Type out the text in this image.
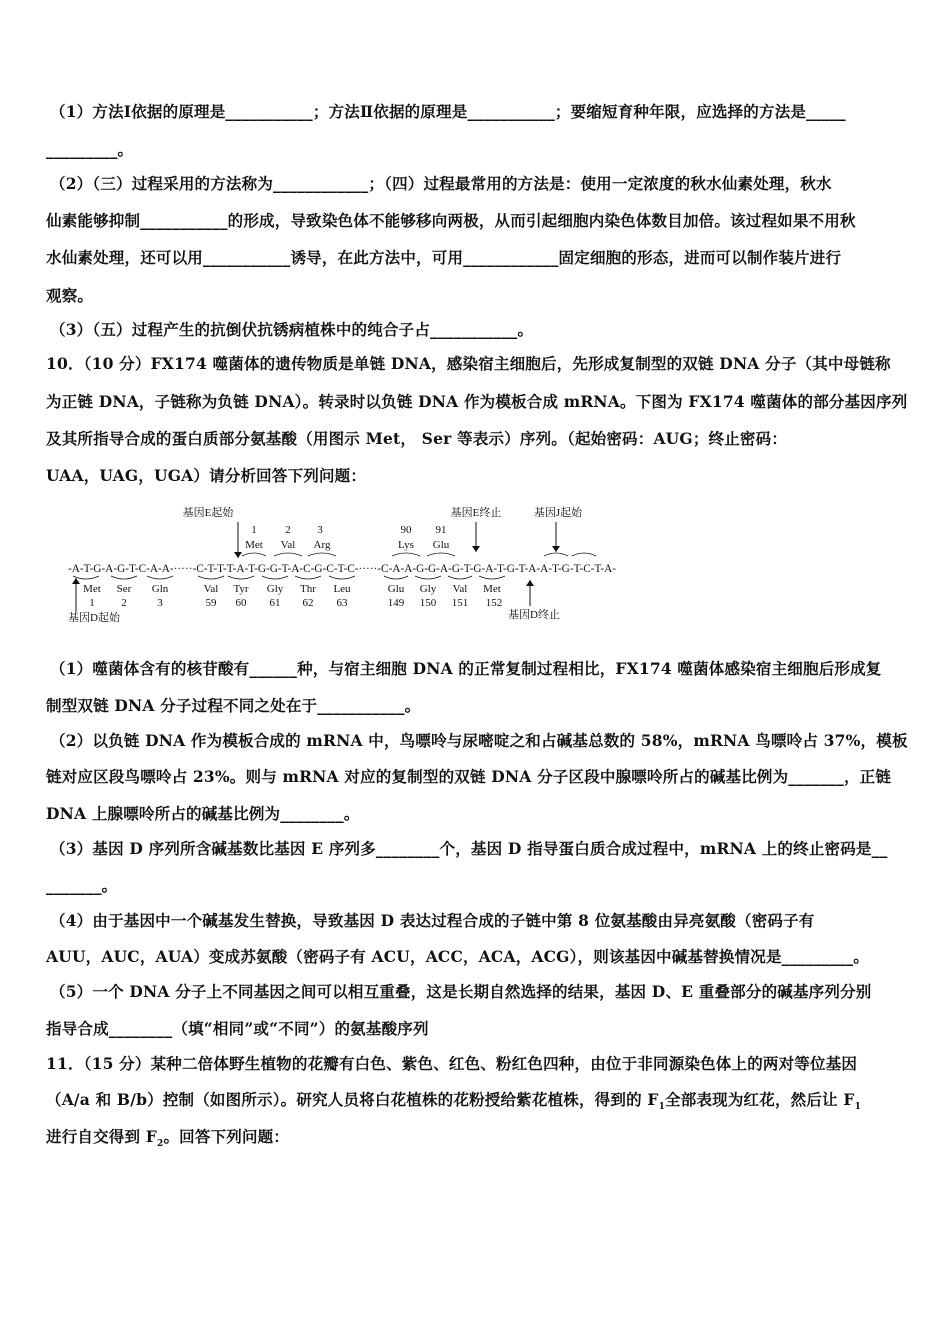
（1）方法Ⅰ依据的原理是___________；方法Ⅱ依据的原理是___________；要缩短育种年限，应选择的方法是_____
_________。
（2）（三）过程采用的方法称为____________；（四）过程最常用的方法是：使用一定浓度的秋水仙素处理，秋水
仙素能够抑制___________的形成，导致染色体不能够移向两极，从而引起细胞内染色体数目加倍。该过程如果不用秋
水仙素处理，还可以用___________诱导，在此方法中，可用____________固定细胞的形态，进而可以制作装片进行
观察。
（3）（五）过程产生的抗倒伏抗锈病植株中的纯合子占___________。
10．（10 分）FX174 噬菌体的遗传物质是单链 DNA，感染宿主细胞后，先形成复制型的双链 DNA 分子（其中母链称
为正链 DNA，子链称为负链 DNA）。转录时以负链 DNA 作为模板合成 mRNA。下图为 FX174 噬菌体的部分基因序列
及其所指导合成的蛋白质部分氨基酸（用图示 Met， Ser 等表示）序列。（起始密码：AUG；终止密码：
UAA，UAG，UGA）请分析回答下列问题：
基因E起始	基因E终止	基因J起始
1	2 3	90 91
Met Val Arg	Lys Glu
-A-T-G-A-G-T-C-A-A-·····-C-T-T-T-A-T-G-G-T-A-C-G-C-T-C-·····-C-A-A-G-G-A-G-T-G-A-T-G-T-A-A-T-G-T-C-T-A-
Met Ser Gln	Val Tyr Gly Thr Leu	Glu Gly Val Met
1 2	3	59 60 61 62 63	149 150 151 152
基因D起始	基因D终止
（1）噬菌体含有的核苷酸有______种，与宿主细胞 DNA 的正常复制过程相比，FX174 噬菌体感染宿主细胞后形成复
制型双链 DNA 分子过程不同之处在于___________。
（2）以负链 DNA 作为模板合成的 mRNA 中，鸟嘌呤与尿嘧啶之和占碱基总数的 58%，mRNA 鸟嘌呤占 37%，模板
链对应区段鸟嘌呤占 23%。则与 mRNA 对应的复制型的双链 DNA 分子区段中腺嘌呤所占的碱基比例为_______，正链
DNA 上腺嘌呤所占的碱基比例为________。
（3）基因 D 序列所含碱基数比基因 E 序列多________个，基因 D 指导蛋白质合成过程中，mRNA 上的终止密码是__
_______。
（4）由于基因中一个碱基发生替换，导致基因 D 表达过程合成的子链中第 8 位氨基酸由异亮氨酸（密码子有
AUU，AUC，AUA）变成苏氨酸（密码子有 ACU，ACC，ACA，ACG），则该基因中碱基替换情况是_________。
（5）一个 DNA 分子上不同基因之间可以相互重叠，这是长期自然选择的结果，基因 D、E 重叠部分的碱基序列分别
指导合成________（填“相同”或“不同”）的氨基酸序列
11．（15 分）某种二倍体野生植物的花瓣有白色、紫色、红色、粉红色四种，由位于非同源染色体上的两对等位基因
（A/a 和 B/b）控制（如图所示）。研究人员将白花植株的花粉授给紫花植株，得到的 $F_1$全部表现为红花，然后让 $F_1$
进行自交得到 $F_2$。回答下列问题：
